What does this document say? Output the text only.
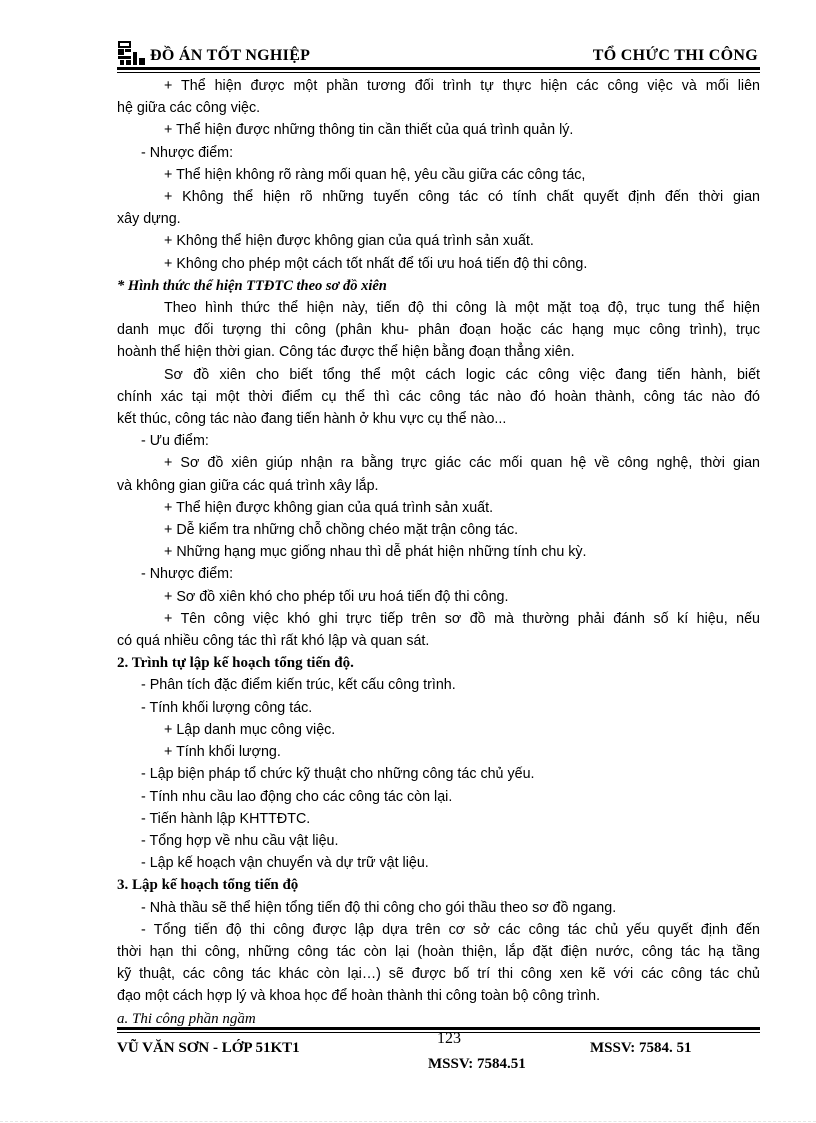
ĐỒ ÁN TỐT NGHIỆP	TỔ CHỨC THI CÔNG
+ Thể hiện được một phần tương đối trình tự thực hiện các công việc và mối liên
hệ giữa các công việc.
+ Thể hiện được những thông tin cần thiết của quá trình quản lý.
- Nhược điểm:
+ Thể hiện không rõ ràng mối quan hệ, yêu cầu giữa các công tác,
+ Không thể hiện rõ những tuyến công tác có tính chất quyết định đến thời gian
xây dựng.
+ Không thể hiện được không gian của quá trình sản xuất.
+ Không cho phép một cách tốt nhất để tối ưu hoá tiến độ thi công.
* Hình thức thể hiện TTĐTC theo sơ đồ xiên
Theo hình thức thể hiện này, tiến độ thi công là một mặt toạ độ, trục tung thể hiện
danh mục đối tượng thi công (phân khu- phân đoạn hoặc các hạng mục công trình), trục
hoành thể hiện thời gian. Công tác được thể hiện bằng đoạn thẳng xiên.
Sơ đồ xiên cho biết tổng thể một cách logic các công việc đang tiến hành, biết
chính xác tại một thời điểm cụ thể thì các công tác nào đó hoàn thành, công tác nào đó
kết thúc, công tác nào đang tiến hành ở khu vực cụ thể nào...
- Ưu điểm:
+ Sơ đồ xiên giúp nhận ra bằng trực giác các mối quan hệ về công nghệ, thời gian
và không gian giữa các quá trình xây lắp.
+ Thể hiện được không gian của quá trình sản xuất.
+ Dễ kiểm tra những chỗ chồng chéo mặt trận công tác.
+ Những hạng mục giống nhau thì dễ phát hiện những tính chu kỳ.
- Nhược điểm:
+ Sơ đồ xiên khó cho phép tối ưu hoá tiến độ thi công.
+ Tên công việc khó ghi trực tiếp trên sơ đồ mà thường phải đánh số kí hiệu, nếu
có quá nhiều công tác thì rất khó lập và quan sát.
2. Trình tự lập kế hoạch tổng tiến độ.
- Phân tích đặc điểm kiến trúc, kết cấu công trình.
- Tính khối lượng công tác.
+ Lập danh mục công việc.
+ Tính khối lượng.
- Lập biện pháp tổ chức kỹ thuật cho những công tác chủ yếu.
- Tính nhu cầu lao động cho các công tác còn lại.
- Tiến hành lập KHTTĐTC.
- Tổng hợp về nhu cầu vật liệu.
- Lập kế hoạch vận chuyển và dự trữ vật liệu.
3. Lập kế hoạch tổng tiến độ
- Nhà thầu sẽ thể hiện tổng tiến độ thi công cho gói thầu theo sơ đồ ngang.
- Tổng tiến độ thi công được lập dựa trên cơ sở các công tác chủ yếu quyết định đến
thời hạn thi công, những công tác còn lại (hoàn thiện, lắp đặt điện nước, công tác hạ tầng
kỹ thuật, các công tác khác còn lại…) sẽ được bố trí thi công xen kẽ với các công tác chủ
đạo một cách hợp lý và khoa học để hoàn thành thi công toàn bộ công trình.
a. Thi công phần ngầm
VŨ VĂN SƠN - LỚP 51KT1
123
MSSV: 7584. 51
MSSV: 7584.51
